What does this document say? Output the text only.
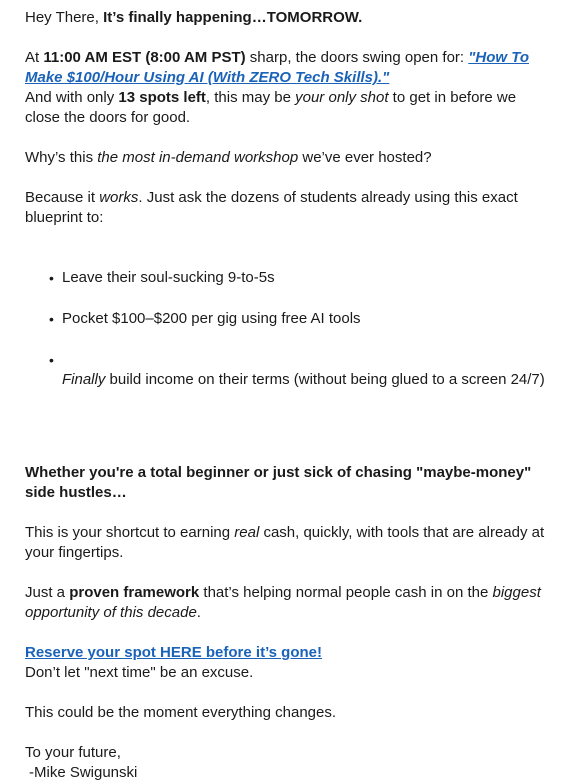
Hey There, It’s finally happening…TOMORROW.

At 11:00 AM EST (8:00 AM PST) sharp, the doors swing open for: "How To Make $100/Hour Using AI (With ZERO Tech Skills)."

And with only 13 spots left, this may be your only shot to get in before we close the doors for good.

Why’s this the most in-demand workshop we’ve ever hosted?

Because it works. Just ask the dozens of students already using this exact blueprint to:

• Leave their soul-sucking 9-to-5s
• Pocket $100–$200 per gig using free AI tools
•

Finally build income on their terms (without being glued to a screen 24/7)

Whether you're a total beginner or just sick of chasing "maybe-money" side hustles…

This is your shortcut to earning real cash, quickly, with tools that are already at your fingertips.

Just a proven framework that’s helping normal people cash in on the biggest opportunity of this decade.

Reserve your spot HERE before it’s gone!

Don’t let "next time" be an excuse.

This could be the moment everything changes.

To your future,

-Mike Swigunski
